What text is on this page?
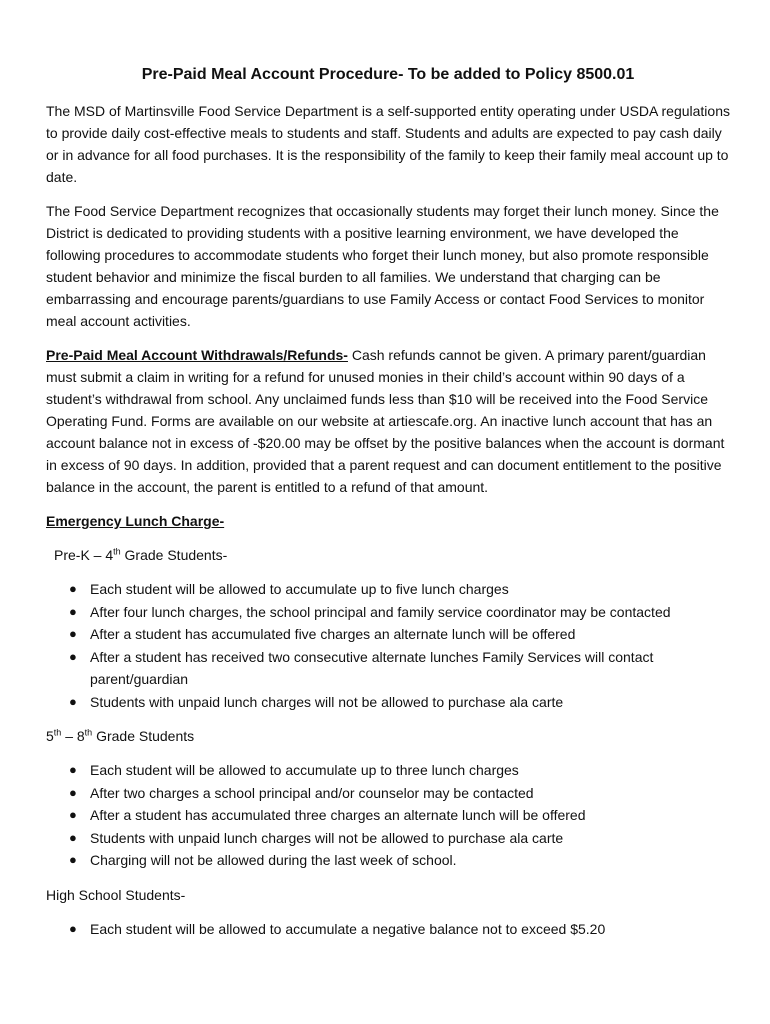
Pre-Paid Meal Account Procedure- To be added to Policy 8500.01

The MSD of Martinsville Food Service Department is a self-supported entity operating under USDA regulations to provide daily cost-effective meals to students and staff. Students and adults are expected to pay cash daily or in advance for all food purchases. It is the responsibility of the family to keep their family meal account up to date.

The Food Service Department recognizes that occasionally students may forget their lunch money. Since the District is dedicated to providing students with a positive learning environment, we have developed the following procedures to accommodate students who forget their lunch money, but also promote responsible student behavior and minimize the fiscal burden to all families. We understand that charging can be embarrassing and encourage parents/guardians to use Family Access or contact Food Services to monitor meal account activities.

Pre-Paid Meal Account Withdrawals/Refunds- Cash refunds cannot be given. A primary parent/guardian must submit a claim in writing for a refund for unused monies in their child’s account within 90 days of a student’s withdrawal from school. Any unclaimed funds less than $10 will be received into the Food Service Operating Fund. Forms are available on our website at artiescafe.org. An inactive lunch account that has an account balance not in excess of -$20.00 may be offset by the positive balances when the account is dormant in excess of 90 days. In addition, provided that a parent request and can document entitlement to the positive balance in the account, the parent is entitled to a refund of that amount.

Emergency Lunch Charge-

Pre-K – 4th Grade Students-
● Each student will be allowed to accumulate up to five lunch charges
● After four lunch charges, the school principal and family service coordinator may be contacted
● After a student has accumulated five charges an alternate lunch will be offered
● After a student has received two consecutive alternate lunches Family Services will contact parent/guardian
● Students with unpaid lunch charges will not be allowed to purchase ala carte
5th – 8th Grade Students
● Each student will be allowed to accumulate up to three lunch charges
● After two charges a school principal and/or counselor may be contacted
● After a student has accumulated three charges an alternate lunch will be offered
● Students with unpaid lunch charges will not be allowed to purchase ala carte
● Charging will not be allowed during the last week of school.
High School Students-
● Each student will be allowed to accumulate a negative balance not to exceed $5.20
